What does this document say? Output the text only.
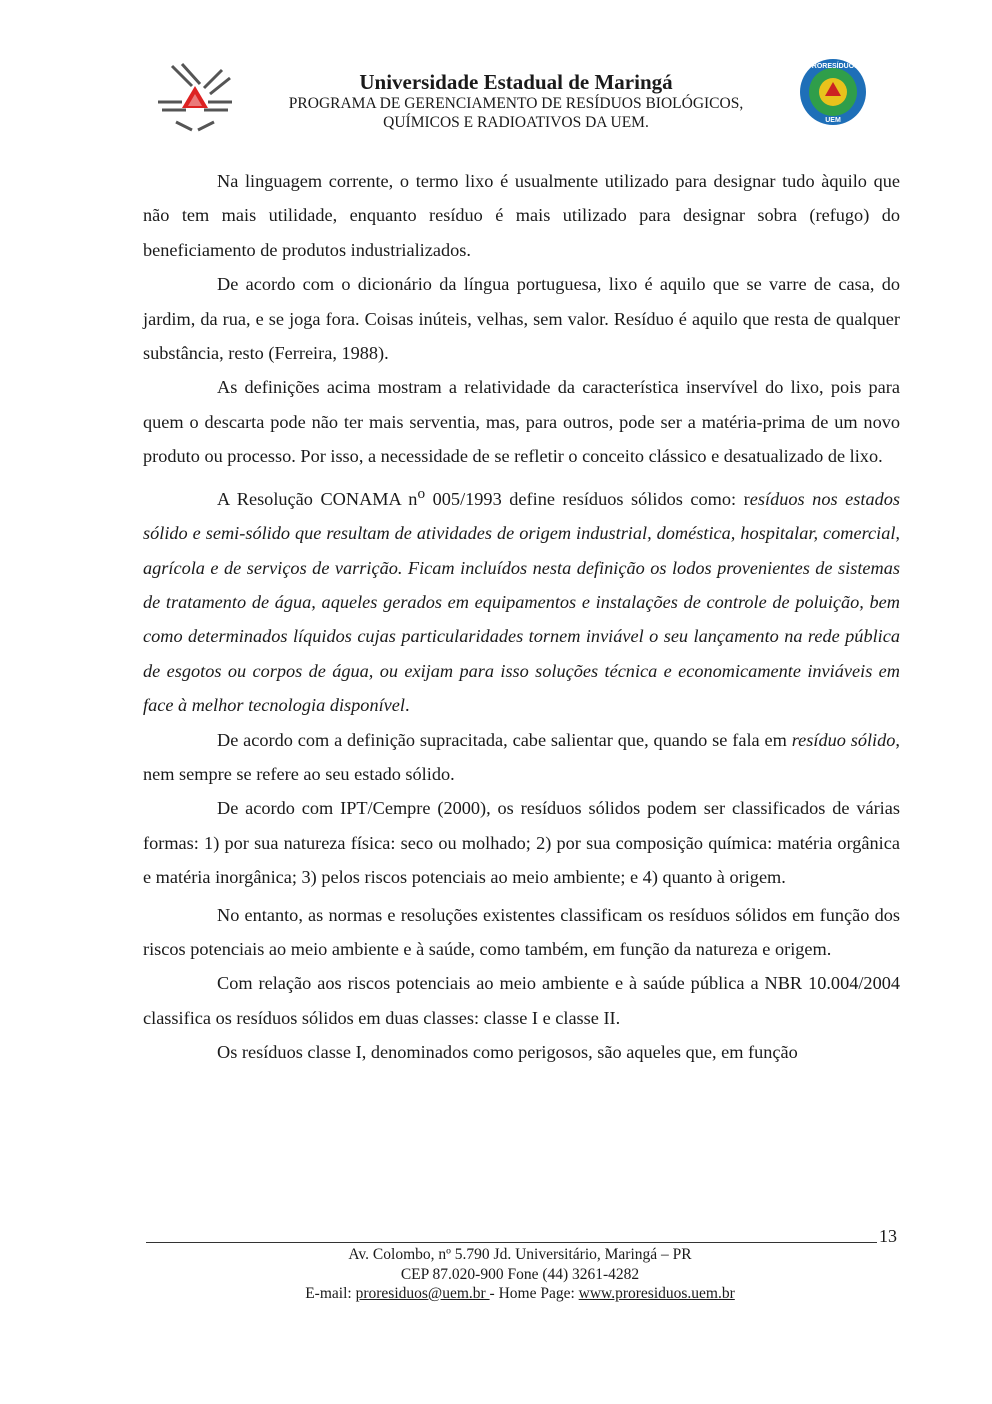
Universidade Estadual de Maringá
PROGRAMA DE GERENCIAMENTO DE RESÍDUOS BIOLÓGICOS,
QUÍMICOS E RADIOATIVOS DA UEM.
PRORESÍDUOS
UEM

Na linguagem corrente, o termo lixo é usualmente utilizado para designar tudo àquilo que não tem mais utilidade, enquanto resíduo é mais utilizado para designar sobra (refugo) do beneficiamento de produtos industrializados.

De acordo com o dicionário da língua portuguesa, lixo é aquilo que se varre de casa, do jardim, da rua, e se joga fora. Coisas inúteis, velhas, sem valor. Resíduo é aquilo que resta de qualquer substância, resto (Ferreira, 1988).

As definições acima mostram a relatividade da característica inservível do lixo, pois para quem o descarta pode não ter mais serventia, mas, para outros, pode ser a matéria-prima de um novo produto ou processo. Por isso, a necessidade de se refletir o conceito clássico e desatualizado de lixo.

A Resolução CONAMA $n^o$ 005/1993 define resíduos sólidos como: resíduos nos estados sólido e semi-sólido que resultam de atividades de origem industrial, doméstica, hospitalar, comercial, agrícola e de serviços de varrição. Ficam incluídos nesta definição os lodos provenientes de sistemas de tratamento de água, aqueles gerados em equipamentos e instalações de controle de poluição, bem como determinados líquidos cujas particularidades tornem inviável o seu lançamento na rede pública de esgotos ou corpos de água, ou exijam para isso soluções técnica e economicamente inviáveis em face à melhor tecnologia disponível.

De acordo com a definição supracitada, cabe salientar que, quando se fala em resíduo sólido, nem sempre se refere ao seu estado sólido.

De acordo com IPT/Cempre (2000), os resíduos sólidos podem ser classificados de várias formas: 1) por sua natureza física: seco ou molhado; 2) por sua composição química: matéria orgânica e matéria inorgânica; 3) pelos riscos potenciais ao meio ambiente; e 4) quanto à origem.

No entanto, as normas e resoluções existentes classificam os resíduos sólidos em função dos riscos potenciais ao meio ambiente e à saúde, como também, em função da natureza e origem.

Com relação aos riscos potenciais ao meio ambiente e à saúde pública a NBR 10.004/2004 classifica os resíduos sólidos em duas classes: classe I e classe II.

Os resíduos classe I, denominados como perigosos, são aqueles que, em função

13
Av. Colombo, nº 5.790 Jd. Universitário, Maringá – PR
CEP 87.020-900 Fone (44) 3261-4282
E-mail: proresiduos@uem.br - Home Page: www.proresiduos.uem.br
